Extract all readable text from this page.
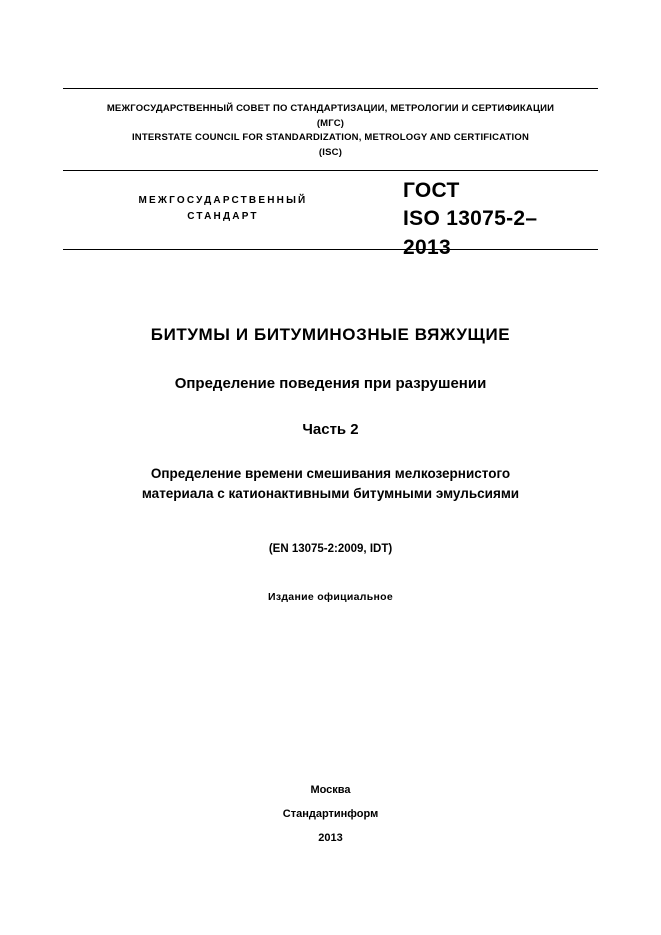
МЕЖГОСУДАРСТВЕННЫЙ СОВЕТ ПО СТАНДАРТИЗАЦИИ, МЕТРОЛОГИИ И СЕРТИФИКАЦИИ
(МГС)
INTERSTATE COUNCIL FOR STANDARDIZATION, METROLOGY AND CERTIFICATION
(ISC)
МЕЖГОСУДАРСТВЕННЫЙ
СТАНДАРТ
ГОСТ
ISO 13075-2–
2013
БИТУМЫ И БИТУМИНОЗНЫЕ ВЯЖУЩИЕ
Определение поведения при разрушении
Часть 2
Определение времени смешивания мелкозернистого
материала с катионактивными битумными эмульсиями
(EN 13075-2:2009, IDT)
Издание официальное
Москва
Стандартинформ
2013
